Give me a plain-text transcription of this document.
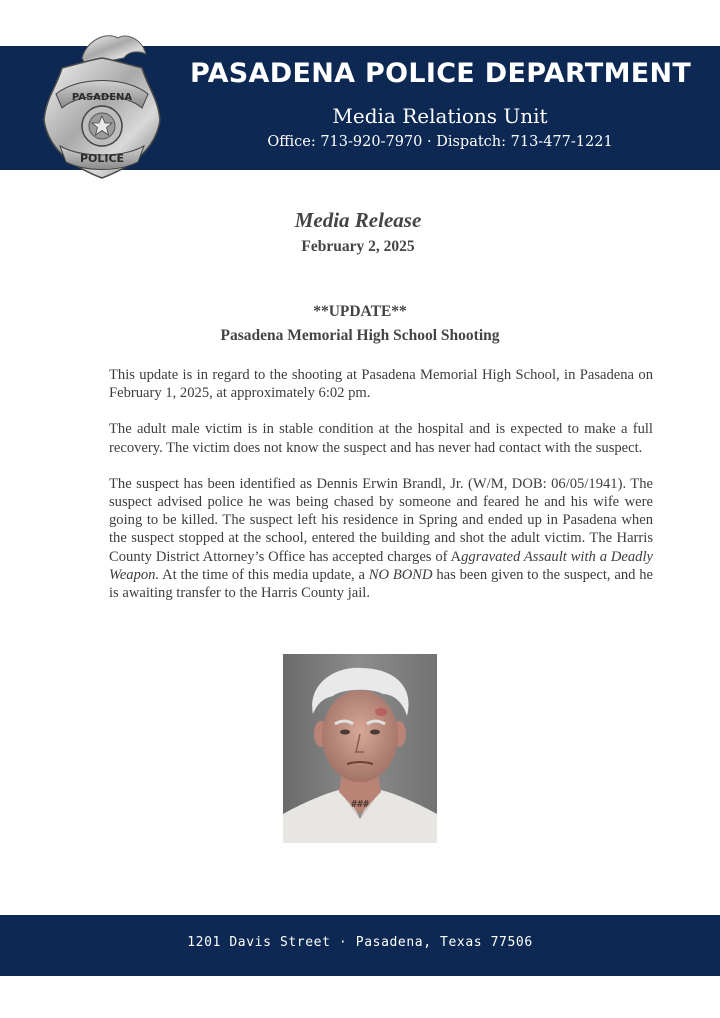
PASADENA
POLICE
PASADENA POLICE DEPARTMENT
Media Relations Unit
Office: 713-920-7970 · Dispatch: 713-477-1221
Media Release
February 2, 2025
**UPDATE**
Pasadena Memorial High School Shooting

This update is in regard to the shooting at Pasadena Memorial High School, in Pasadena on February 1, 2025, at approximately 6:02 pm.

The adult male victim is in stable condition at the hospital and is expected to make a full recovery. The victim does not know the suspect and has never had contact with the suspect.

The suspect has been identified as Dennis Erwin Brandl, Jr. (W/M, DOB: 06/05/1941). The suspect advised police he was being chased by someone and feared he and his wife were going to be killed. The suspect left his residence in Spring and ended up in Pasadena when the suspect stopped at the school, entered the building and shot the adult victim. The Harris County District Attorney’s Office has accepted charges of Aggravated Assault with a Deadly Weapon. At the time of this media update, a NO BOND has been given to the suspect, and he is awaiting transfer to the Harris County jail.

###
1201 Davis Street · Pasadena, Texas 77506
